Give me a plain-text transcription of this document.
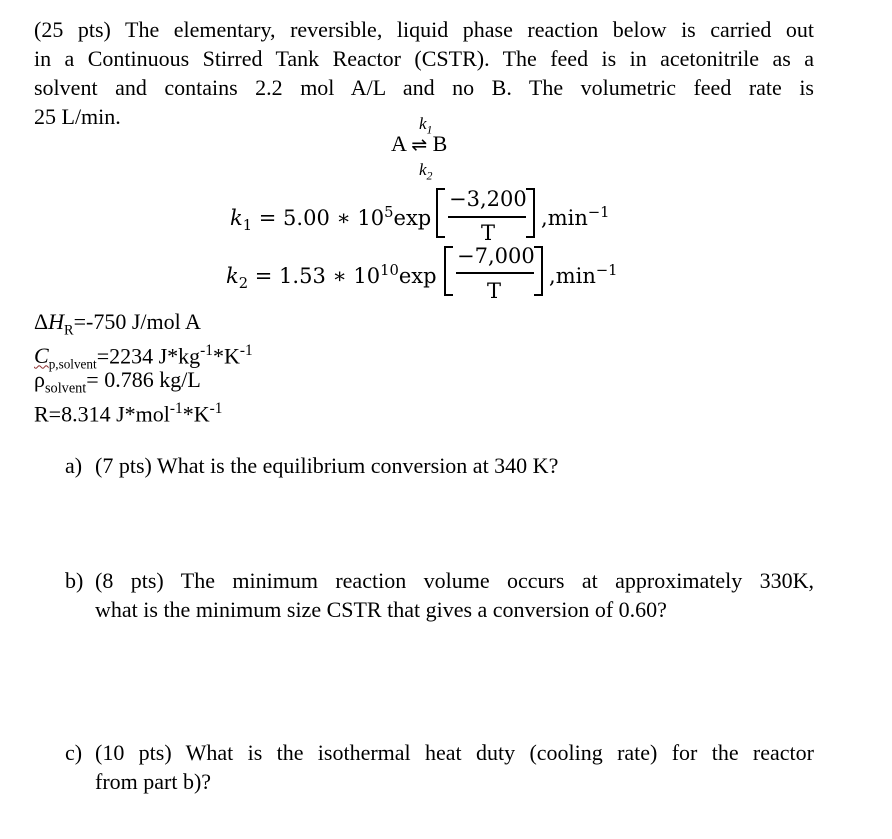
(25 pts) The elementary, reversible, liquid phase reaction below is carried out
in a Continuous Stirred Tank Reactor (CSTR). The feed is in acetonitrile as a
solvent and contains 2.2 mol A/L and no B. The volumetric feed rate is
25 L/min.	$k_1$
A ⇌ B
$k_2$
$k_1 = 5.00$ ∗ $10^5\exp$
−3,200
T
$,\min^{-1}$
$k_2 = 1.53$ ∗ $10^{10}\exp$
−7,000
T
$,\min^{-1}$
$\Delta H_R=-750$ J/mol A
$C_{p,solvent}=2234$ $J*kg^{-1}*K^{-1}$
$\rho_{solvent}= 0.786$ kg/L
R=8.314 $J*mol^{-1}*K^{-1}$
a) (7 pts) What is the equilibrium conversion at 340 K?
b) (8 pts) The minimum reaction volume occurs at approximately 330K,
what is the minimum size CSTR that gives a conversion of 0.60?
c) (10 pts) What is the isothermal heat duty (cooling rate) for the reactor
from part b)?
